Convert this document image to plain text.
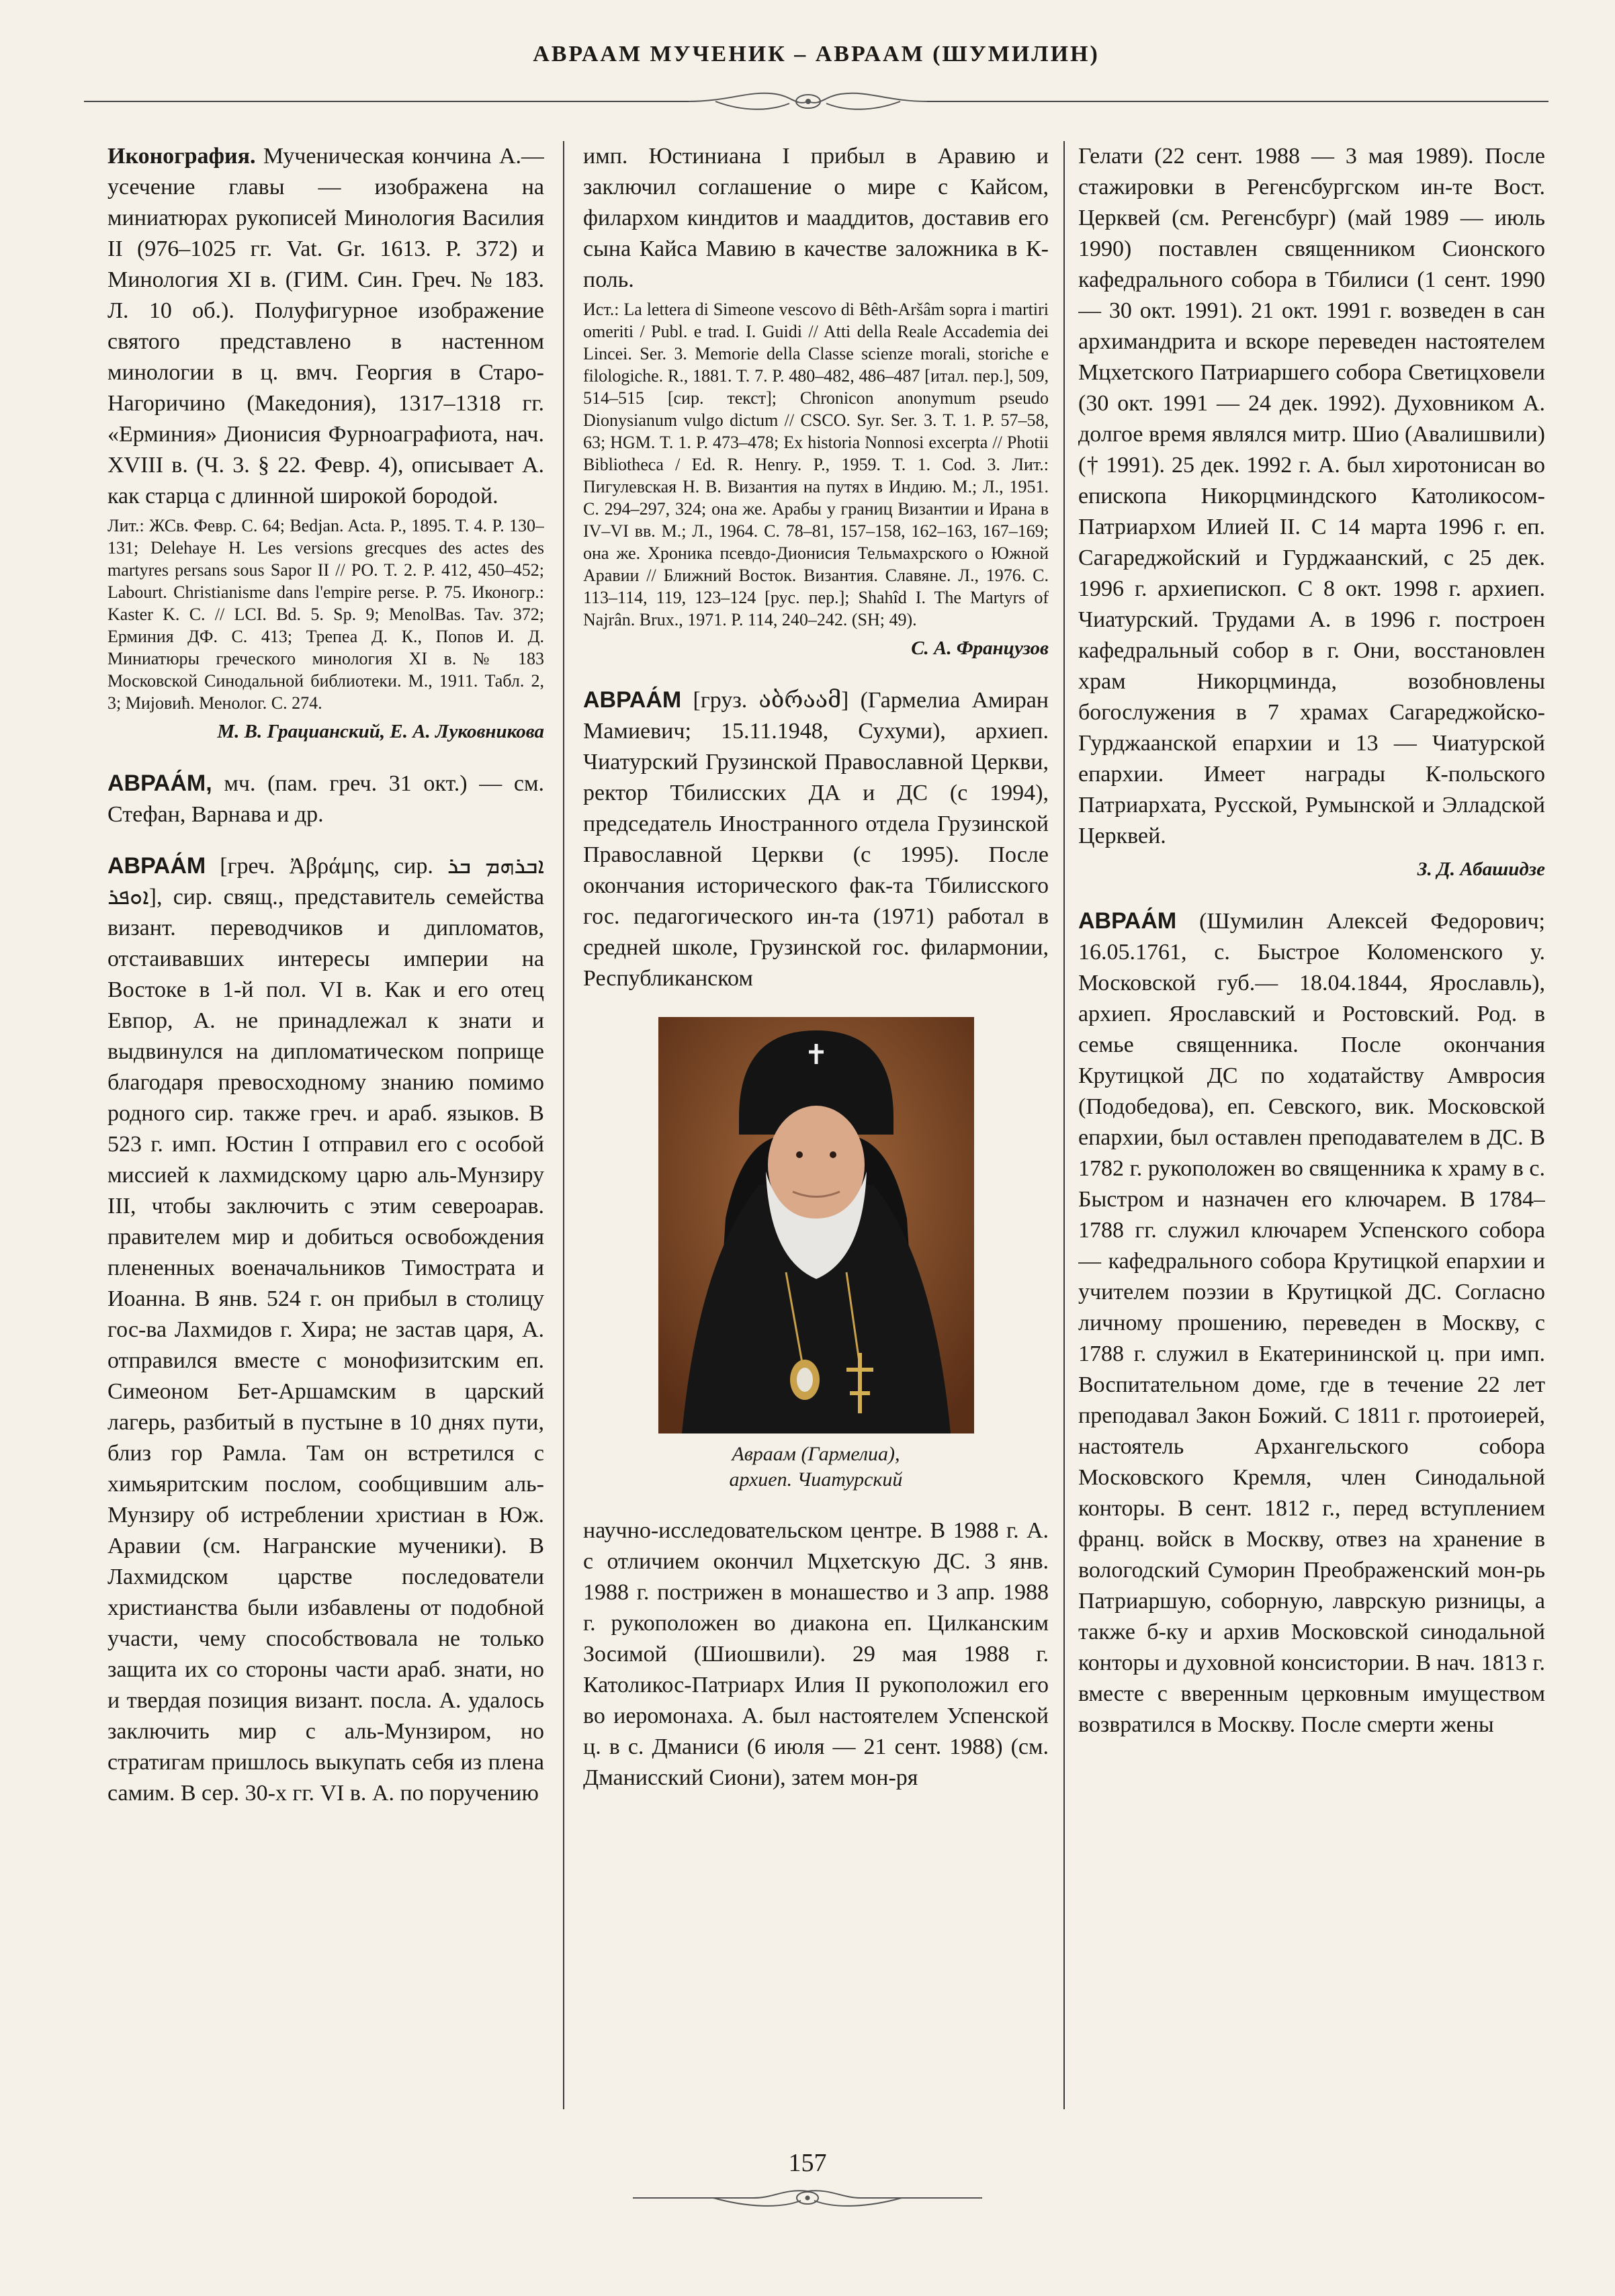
АВРААМ МУЧЕНИК – АВРААМ (ШУМИЛИН)

Иконография. Мученическая кончина А.— усечение главы — изображена на миниатюрах рукописей Минология Василия II (976–1025 гг. Vat. Gr. 1613. P. 372) и Минология XI в. (ГИМ. Син. Греч. № 183. Л. 10 об.). Полуфигурное изображение святого представлено в настенном минологии в ц. вмч. Георгия в Старо-Нагоричино (Македония), 1317–1318 гг. «Ерминия» Дионисия Фурноаграфиота, нач. XVIII в. (Ч. 3. § 22. Февр. 4), описывает А. как старца с длинной широкой бородой.

Лит.: ЖСв. Февр. С. 64; Bedjan. Acta. P., 1895. T. 4. P. 130–131; Delehaye H. Les versions grecques des actes des martyres persans sous Sapor II // PO. T. 2. P. 412, 450–452; Labourt. Christianisme dans l'empire perse. P. 75. Иконогр.: Kaster K. C. // LCI. Bd. 5. Sp. 9; MenolBas. Tav. 372; Ерминия ДФ. С. 413; Трепеа Д. К., Попов И. Д. Миниатюры греческого минология XI в. № 183 Московской Синодальной библиотеки. М., 1911. Табл. 2, 3; Мијовић. Менолог. С. 274.

М. В. Грацианский, Е. А. Луковникова

АВРАА́М, мч. (пам. греч. 31 окт.) — см. Стефан, Варнава и др.

АВРАА́М [греч. Ἀβράμης, сир. ܐܒܪܗܡ ܒܪ ܐܘܦܪ], сир. свящ., представитель семейства визант. переводчиков и дипломатов, отстаивавших интересы империи на Востоке в 1-й пол. VI в. Как и его отец Евпор, А. не принадлежал к знати и выдвинулся на дипломатическом поприще благодаря превосходному знанию помимо родного сир. также греч. и араб. языков. В 523 г. имп. Юстин I отправил его с особой миссией к лахмидскому царю аль-Мунзиру III, чтобы заключить с этим североарав. правителем мир и добиться освобождения плененных военачальников Тимострата и Иоанна. В янв. 524 г. он прибыл в столицу гос-ва Лахмидов г. Хира; не застав царя, А. отправился вместе с монофизитским еп. Симеоном Бет-Аршамским в царский лагерь, разбитый в пустыне в 10 днях пути, близ гор Рамла. Там он встретился с химьяритским послом, сообщившим аль-Мунзиру об истреблении христиан в Юж. Аравии (см. Награнские мученики). В Лахмидском царстве последователи христианства были избавлены от подобной участи, чему способствовала не только защита их со стороны части араб. знати, но и твердая позиция визант. посла. А. удалось заключить мир с аль-Мунзиром, но стратигам пришлось выкупать себя из плена самим. В сер. 30-х гг. VI в. А. по поручению

имп. Юстиниана I прибыл в Аравию и заключил соглашение о мире с Кайсом, филархом киндитов и мааддитов, доставив его сына Кайса Мавию в качестве заложника в К-поль.

Ист.: La lettera di Simeone vescovo di Bêth-Aršâm sopra i martiri omeriti / Publ. e trad. I. Guidi // Atti della Reale Accademia dei Lincei. Ser. 3. Memorie della Classe scienze morali, storiche e filologiche. R., 1881. T. 7. P. 480–482, 486–487 [итал. пер.], 509, 514–515 [сир. текст]; Chronicon anonymum pseudo Dionysianum vulgo dictum // CSCO. Syr. Ser. 3. T. 1. P. 57–58, 63; HGM. T. 1. P. 473–478; Ex historia Nonnosi excerpta // Photii Bibliotheca / Ed. R. Henry. P., 1959. T. 1. Cod. 3. Лит.: Пигулевская Н. В. Византия на путях в Индию. М.; Л., 1951. С. 294–297, 324; она же. Арабы у границ Византии и Ирана в IV–VI вв. М.; Л., 1964. С. 78–81, 157–158, 162–163, 167–169; она же. Хроника псевдо-Дионисия Тельмахрского о Южной Аравии // Ближний Восток. Византия. Славяне. Л., 1976. С. 113–114, 119, 123–124 [рус. пер.]; Shahîd I. The Martyrs of Najrân. Brux., 1971. P. 114, 240–242. (SH; 49).

С. А. Французов

АВРАА́М [груз. აბრაამ] (Гармелиа Амиран Мамиевич; 15.11.1948, Сухуми), архиеп. Чиатурский Грузинской Православной Церкви, ректор Тбилисских ДА и ДС (с 1994), председатель Иностранного отдела Грузинской Православной Церкви (с 1995). После окончания исторического фак-та Тбилисского гос. педагогического ин-та (1971) работал в средней школе, Грузинской гос. филармонии, Республиканском

Авраам (Гармелиа),
архиеп. Чиатурский

научно-исследовательском центре. В 1988 г. А. с отличием окончил Мцхетскую ДС. 3 янв. 1988 г. пострижен в монашество и 3 апр. 1988 г. рукоположен во диакона еп. Цилканским Зосимой (Шиошвили). 29 мая 1988 г. Католикос-Патриарх Илия II рукоположил его во иеромонаха. А. был настоятелем Успенской ц. в с. Дманиси (6 июля — 21 сент. 1988) (см. Дманисский Сиони), затем мон-ря

Гелати (22 сент. 1988 — 3 мая 1989). После стажировки в Регенсбургском ин-те Вост. Церквей (см. Регенсбург) (май 1989 — июль 1990) поставлен священником Сионского кафедрального собора в Тбилиси (1 сент. 1990 — 30 окт. 1991). 21 окт. 1991 г. возведен в сан архимандрита и вскоре переведен настоятелем Мцхетского Патриаршего собора Светицховели (30 окт. 1991 — 24 дек. 1992). Духовником А. долгое время являлся митр. Шио (Авалишвили) († 1991). 25 дек. 1992 г. А. был хиротонисан во епископа Никорцминдского Католикосом-Патриархом Илией II. С 14 марта 1996 г. еп. Сагареджойский и Гурджаанский, с 25 дек. 1996 г. архиепископ. С 8 окт. 1998 г. архиеп. Чиатурский. Трудами А. в 1996 г. построен кафедральный собор в г. Они, восстановлен храм Никорцминда, возобновлены богослужения в 7 храмах Сагареджойско-Гурджаанской епархии и 13 — Чиатурской епархии. Имеет награды К-польского Патриархата, Русской, Румынской и Элладской Церквей.

З. Д. Абашидзе

АВРАА́М (Шумилин Алексей Федорович; 16.05.1761, с. Быстрое Коломенского у. Московской губ.— 18.04.1844, Ярославль), архиеп. Ярославский и Ростовский. Род. в семье священника. После окончания Крутицкой ДС по ходатайству Амвросия (Подобедова), еп. Севского, вик. Московской епархии, был оставлен преподавателем в ДС. В 1782 г. рукоположен во священника к храму в с. Быстром и назначен его ключарем. В 1784–1788 гг. служил ключарем Успенского собора — кафедрального собора Крутицкой епархии и учителем поэзии в Крутицкой ДС. Согласно личному прошению, переведен в Москву, с 1788 г. служил в Екатерининской ц. при имп. Воспитательном доме, где в течение 22 лет преподавал Закон Божий. С 1811 г. протоиерей, настоятель Архангельского собора Московского Кремля, член Синодальной конторы. В сент. 1812 г., перед вступлением франц. войск в Москву, отвез на хранение в вологодский Суморин Преображенский мон-рь Патриаршую, соборную, лаврскую ризницы, а также б-ку и архив Московской синодальной конторы и духовной консистории. В нач. 1813 г. вместе с вверенным церковным имуществом возвратился в Москву. После смерти жены

157
